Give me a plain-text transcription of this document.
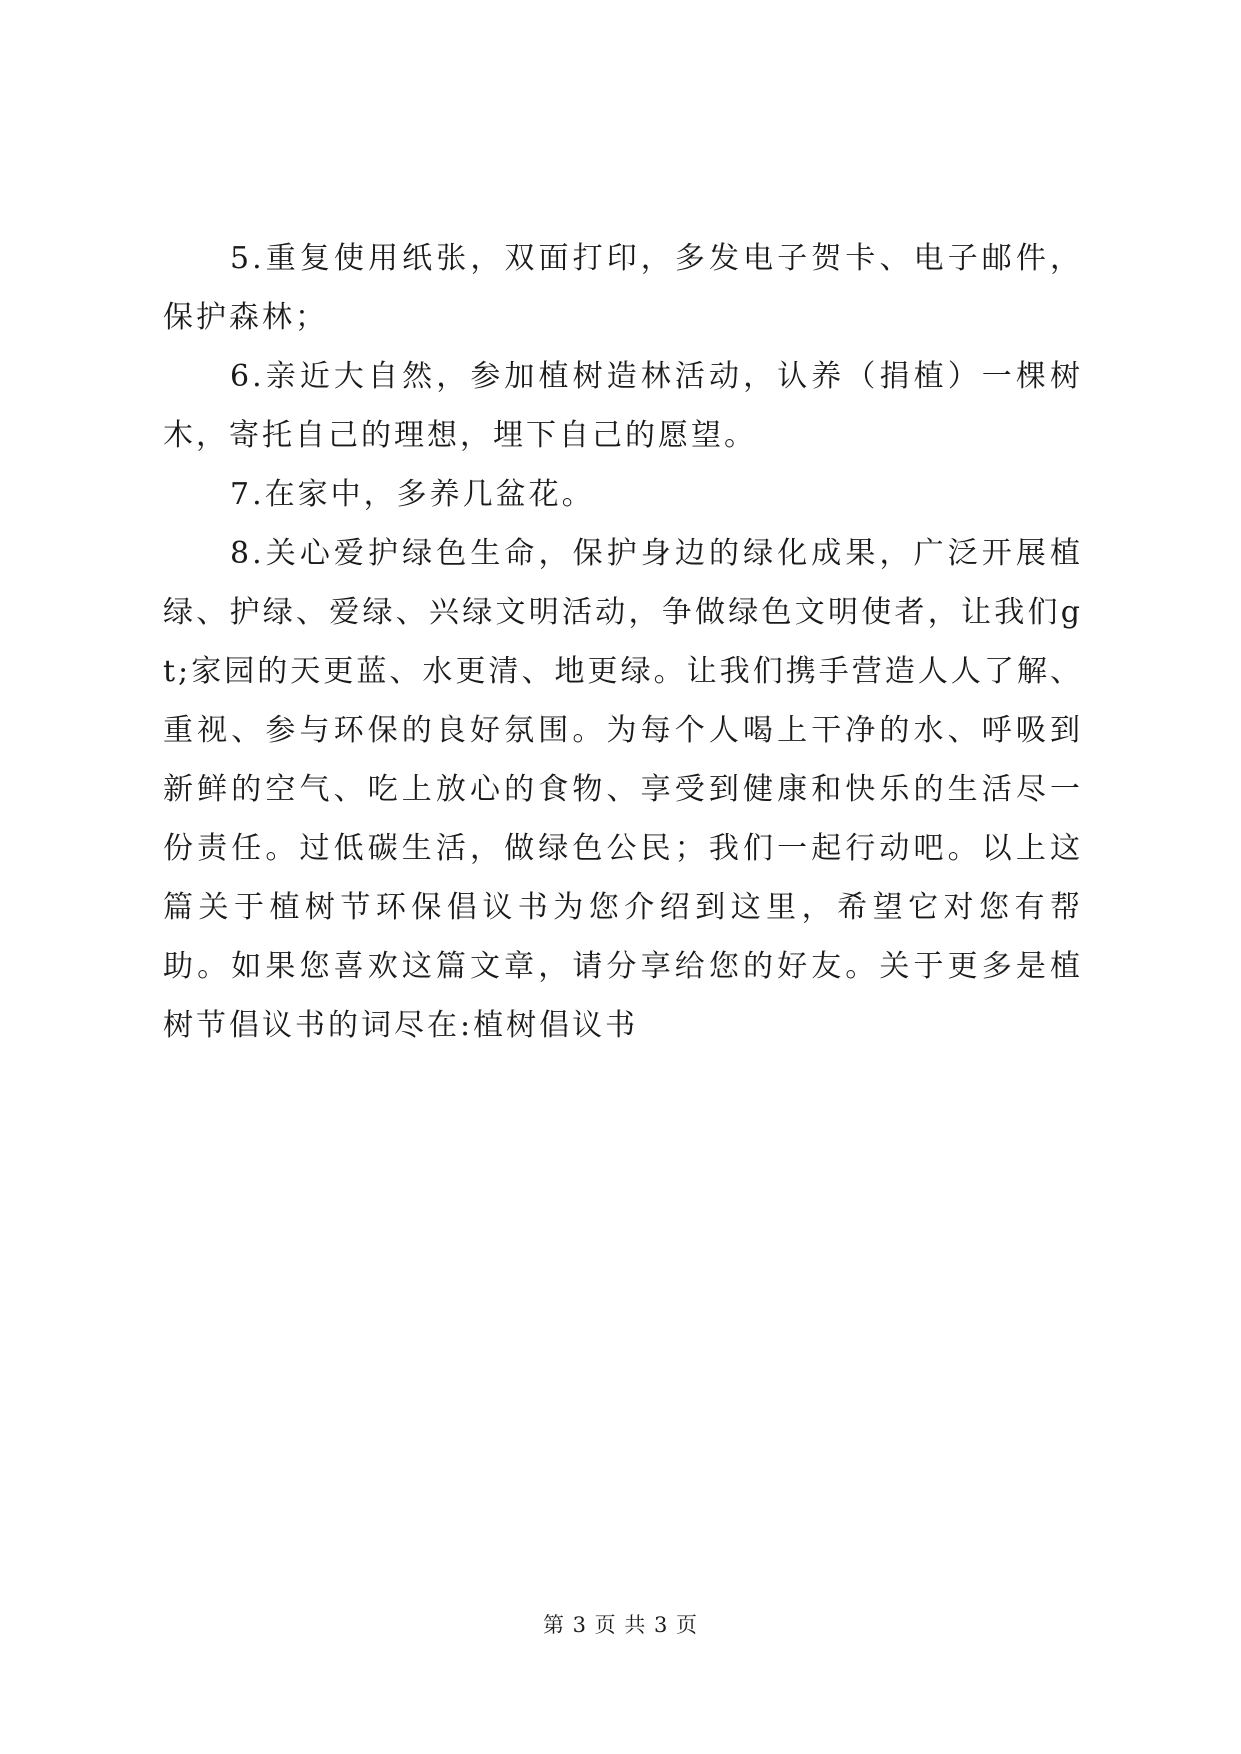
5.重复使用纸张，双面打印，多发电子贺卡、电子邮件，保护森林；

6.亲近大自然，参加植树造林活动，认养（捐植）一棵树木，寄托自己的理想，埋下自己的愿望。

7.在家中，多养几盆花。

8.关心爱护绿色生命，保护身边的绿化成果，广泛开展植绿、护绿、爱绿、兴绿文明活动，争做绿色文明使者，让我们gt;家园的天更蓝、水更清、地更绿。让我们携手营造人人了解、重视、参与环保的良好氛围。为每个人喝上干净的水、呼吸到新鲜的空气、吃上放心的食物、享受到健康和快乐的生活尽一份责任。过低碳生活，做绿色公民；我们一起行动吧。以上这篇关于植树节环保倡议书为您介绍到这里，希望它对您有帮助。如果您喜欢这篇文章，请分享给您的好友。关于更多是植树节倡议书的词尽在:植树倡议书

第 3 页 共 3 页
